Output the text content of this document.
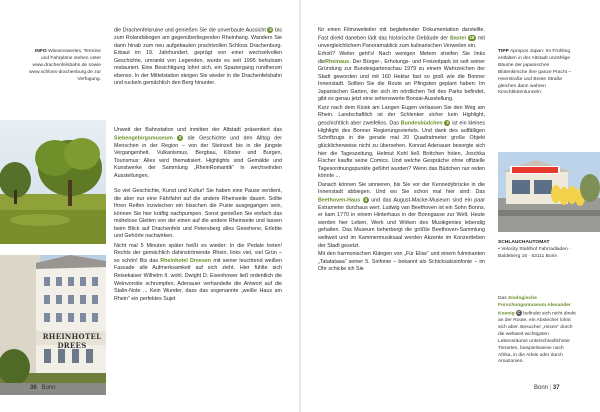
INFO Wissenswertes, Termine und Fahrpläne stehen unter www.drachenfelsbahn.de sowie www.schloss-drachenburg.de zur Verfügung.
RHEINHOTEL DREES

die Drachenfelsruine und genießen Sie die unverbaute Aussicht 5 bis zum Rolandsbogen am gegenüberliegenden Rheinhang. Wandern Sie dann hinab zum neu aufgebauten prachtvollen Schloss Drachenburg. Erbaut im 19. Jahrhundert, geprägt von einer wechselvollen Geschichte, umrankt von Legenden, wurde es seit 1995 behutsam restauriert. Eine Besichtigung lohnt sich, ein Spaziergang rundherum ebenso. In der Mittelstation steigen Sie wieder in die Drachenfelsbahn und ruckeln gemächlich den Berg hinunter.

Unweit der Bahnstation und inmitten der Altstadt präsentiert das Siebengebirgsmuseum 2 die Geschichte und den Alltag der Menschen in der Region – von der Steinzeit bis in die jüngste Vergangenheit. Vulkanismus, Bergbau, Klöster und Burgen, Tourismus: Alles wird thematisiert. Highlights sind Gemälde und Kunstwerke der Sammlung „RheinRomantik“ in wechselnden Ausstellungen.

So viel Geschichte, Kunst und Kultur! Sie haben eine Pause verdient, die aber nur eine Fährfahrt auf die andere Rheinseite dauert. Sollte Ihren Reifen inzwischen ein bisschen die Puste ausgegangen sein, können Sie hier kräftig nachpumpen. Sonst genießen Sie einfach das mühelose Gleiten von der einen auf die andere Rheinseite und lassen beim Blick auf Drachenfels und Petersberg alles Gesehene, Erlebte und Gehörte nachwirken.

Nicht mal 5 Minuten später heißt es wieder: In die Pedale treten! Rechts der gemächlich dahinströmende Rhein, links viel, viel Grün – so schön! Bis das Rheinhotel Dreesen mit seiner leuchtend weißen Fassade alle Aufmerksamkeit auf sich zieht. Hier fühlte sich Reisekaiser Wilhelm II. wohl, Dwight D. Eisenhower ließ ordentlich die Weinvorräte schrumpfen, Adenauer verhandelte die Antwort auf die Stalin-Note ... Kein Wunder, dass das sogenannte „weiße Haus am Rhein“ ein perfektes Sujet

36 | Bonn

für einen Filmzweiteiler mit begleitender Dokumentation darstellte. Fast direkt daneben lädt das historische Gebäude der Bastei 16 mit unvergleichlichem Panoramablick zum kulinarischen Verweilen ein.

Erholt? Weiter geht's! Nach wenigen Metern streifen Sie links dieRheinaue. Der Bürger-, Erholungs- und Freizeitpark ist seit seiner Gründung zur Bundesgartenschau 1979 zu einem Wahrzeichen der Stadt geworden und mit 160 Hektar fast so groß wie die Bonner Innenstadt. Sollten Sie die Route an Pfingsten geplant haben: Im Japanischen Garten, der sich im nördlichen Teil des Parks befindet, gibt es genau jetzt eine sehenswerte Bonsai-Ausstellung.

Kurz nach dem Kiosk am Langen Eugen verlassen Sie den Weg am Rhein. Landschaftlich ist der Schlenker sicher kein Highlight, geschichtlich aber zweifellos. Das Bundesbüdchen 3 ist ein kleines Highlight des Bonner Regierungsviertels. Und dank des auffälligen Schriftzugs in die gerade mal 20 Quadratmeter große Objekt glücklicherweise nicht zu übersehen. Konrad Adenauer besorgte sich hier die Tageszeitung, Helmut Kohl ließ Brötchen holen, Joschka Fischer kaufte seine Comics. Und welche Gespräche ohne offizielle Tagesordnungspunkte geführt wurden? Wenn das Büdchen nur reden könnte ...

Danach können Sie sinnieren, bis Sie vor der Kennedybrücke in die Innenstadt abbiegen. Und wo Sie schon mal hier sind: Das Beethoven-Haus 4 und das August-Macke-Museum sind ein paar Extrameter durchaus wert. Ludwig van Beethoven ist ein Sohn Bonns, er kam 1770 in einem Hinterhaus in der Bonngasse zur Welt. Heute werden hier Leben, Werk und Wirken des Musikgenies lebendig gehalten. Das Museum beherbergt die größte Beethoven-Sammlung weltweit und im Kammermusiksaal werden Akzente im Konzertleben der Stadt gesetzt.

Mit den harmonischen Klängen von „Für Elise“ und einem fulminanten „Tatatataaa“ seiner 5. Sinfonie – bekannt als Schicksalssinfonie – im Ohr schicke ich Sie

TIPP Apropos Japan: Im Frühling entfalten in der Altstadt unzählige Bäume der japanischen Blütenkirsche ihre ganze Pracht – Heerstraße und Breite Straße gleichen dann wahren Kirschblütentunneln.
SCHLAUCHAUTOMAT
• Velocity Stahlhof Fahrradladen · Baldeberg 16 · 53111 Bonn
Das Zoologische Forschungsmuseum Alexander Koenig C befindet sich nicht direkt an der Route, ein Abstecher lohnt sich aber. Besucher „reisen“ durch die weltweit wichtigsten Lebensräume unterschiedlichster Tierarten, beispielsweise nach Afrika, in die Arktis oder durch Amazonien.
Bonn | 37
